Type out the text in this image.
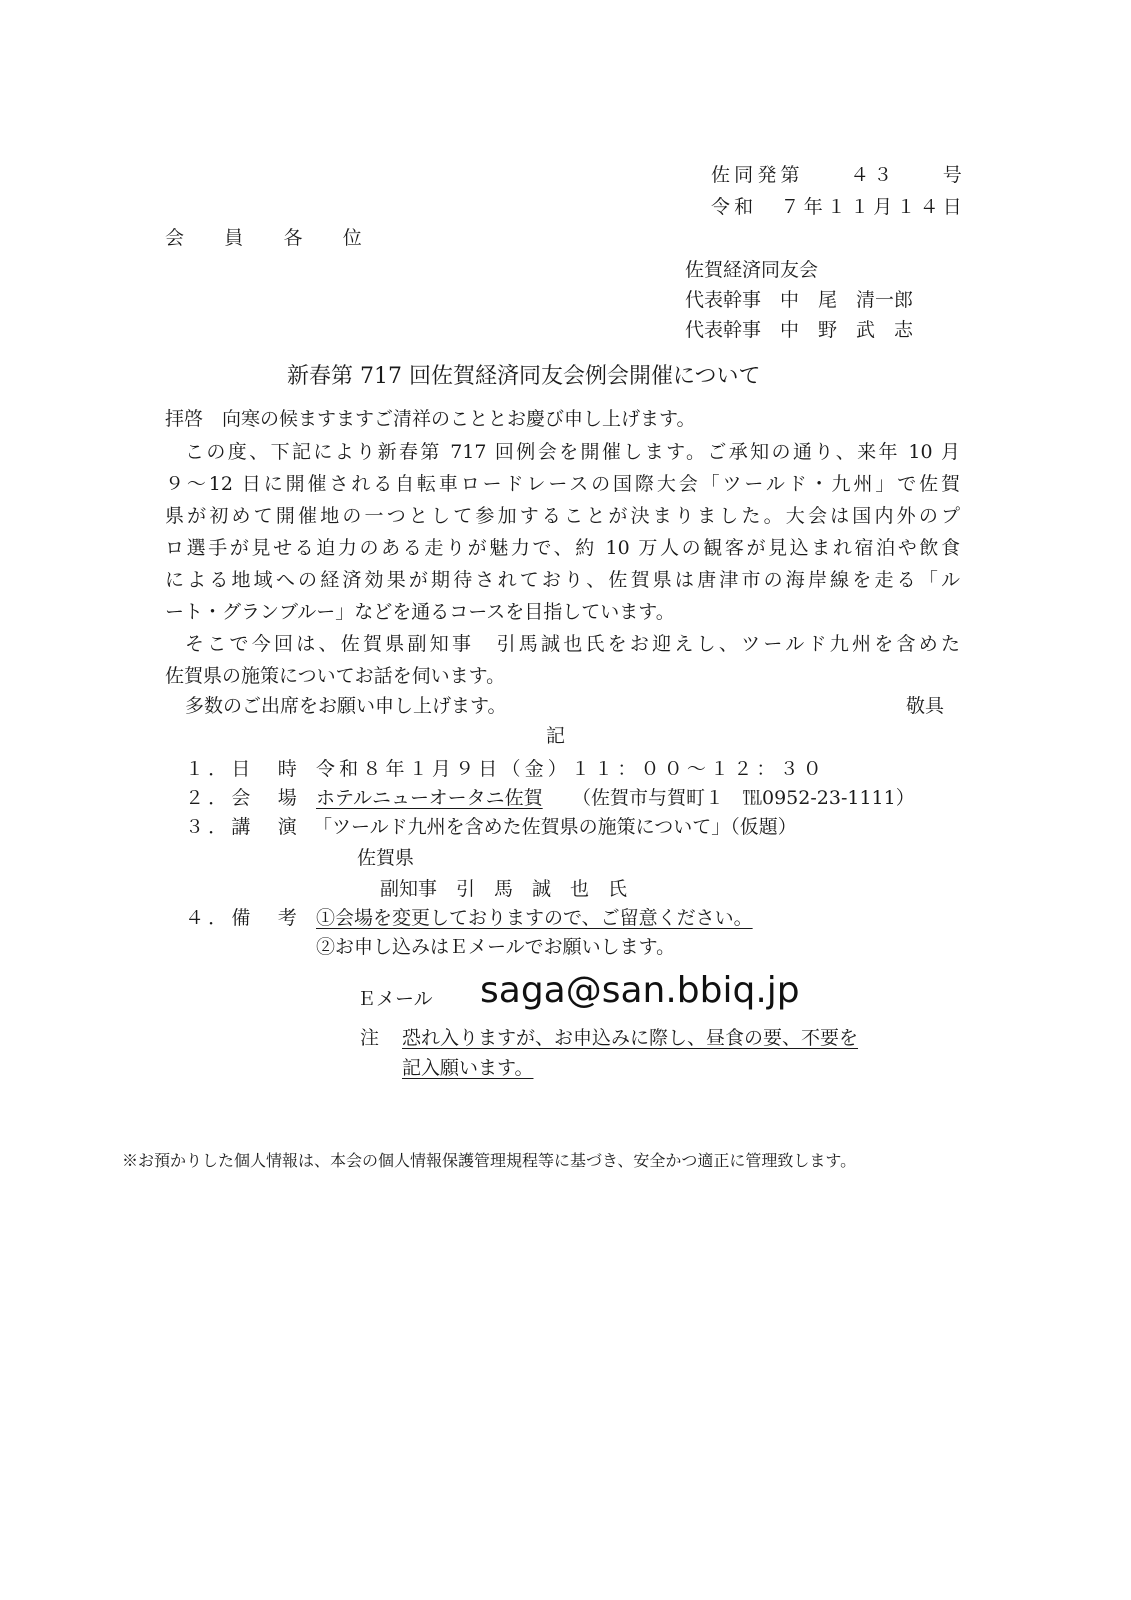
佐同発第　　４３　　号
令和　７年１１月１４日
会 員 各 位
佐賀経済同友会
代表幹事　中　尾　清一郎
代表幹事　中　野　武　志
新春第 717 回佐賀経済同友会例会開催について
拝啓　向寒の候ますますご清祥のこととお慶び申し上げます。
この度、下記により新春第 717 回例会を開催します。ご承知の通り、来年 10 月
９～12 日に開催される自転車ロードレースの国際大会「ツールド・九州」で佐賀
県が初めて開催地の一つとして参加することが決まりました。大会は国内外のプ
ロ選手が見せる迫力のある走りが魅力で、約 10 万人の観客が見込まれ宿泊や飲食
による地域への経済効果が期待されており、佐賀県は唐津市の海岸線を走る「ル
ート・グランブルー」などを通るコースを目指しています。
そこで今回は、佐賀県副知事　引馬誠也氏をお迎えし、ツールド九州を含めた
佐賀県の施策についてお話を伺います。
多数のご出席をお願い申し上げます。	敬具
記
１．日　時 令和８年１月９日（金）１１：００～１２：３０
２．会　場 ホテルニューオータニ佐賀 （佐賀市与賀町１　℡0952-23-1111）
３．講　演 「ツールド九州を含めた佐賀県の施策について」（仮題）
佐賀県
副知事　引　馬　誠　也　氏
４．備　考 ①会場を変更しておりますので、ご留意ください。
②お申し込みはＥメールでお願いします。
Ｅメール saga@san.bbiq.jp
注 恐れ入りますが、お申込みに際し、昼食の要、不要を
記入願います。
※お預かりした個人情報は、本会の個人情報保護管理規程等に基づき、安全かつ適正に管理致します。
